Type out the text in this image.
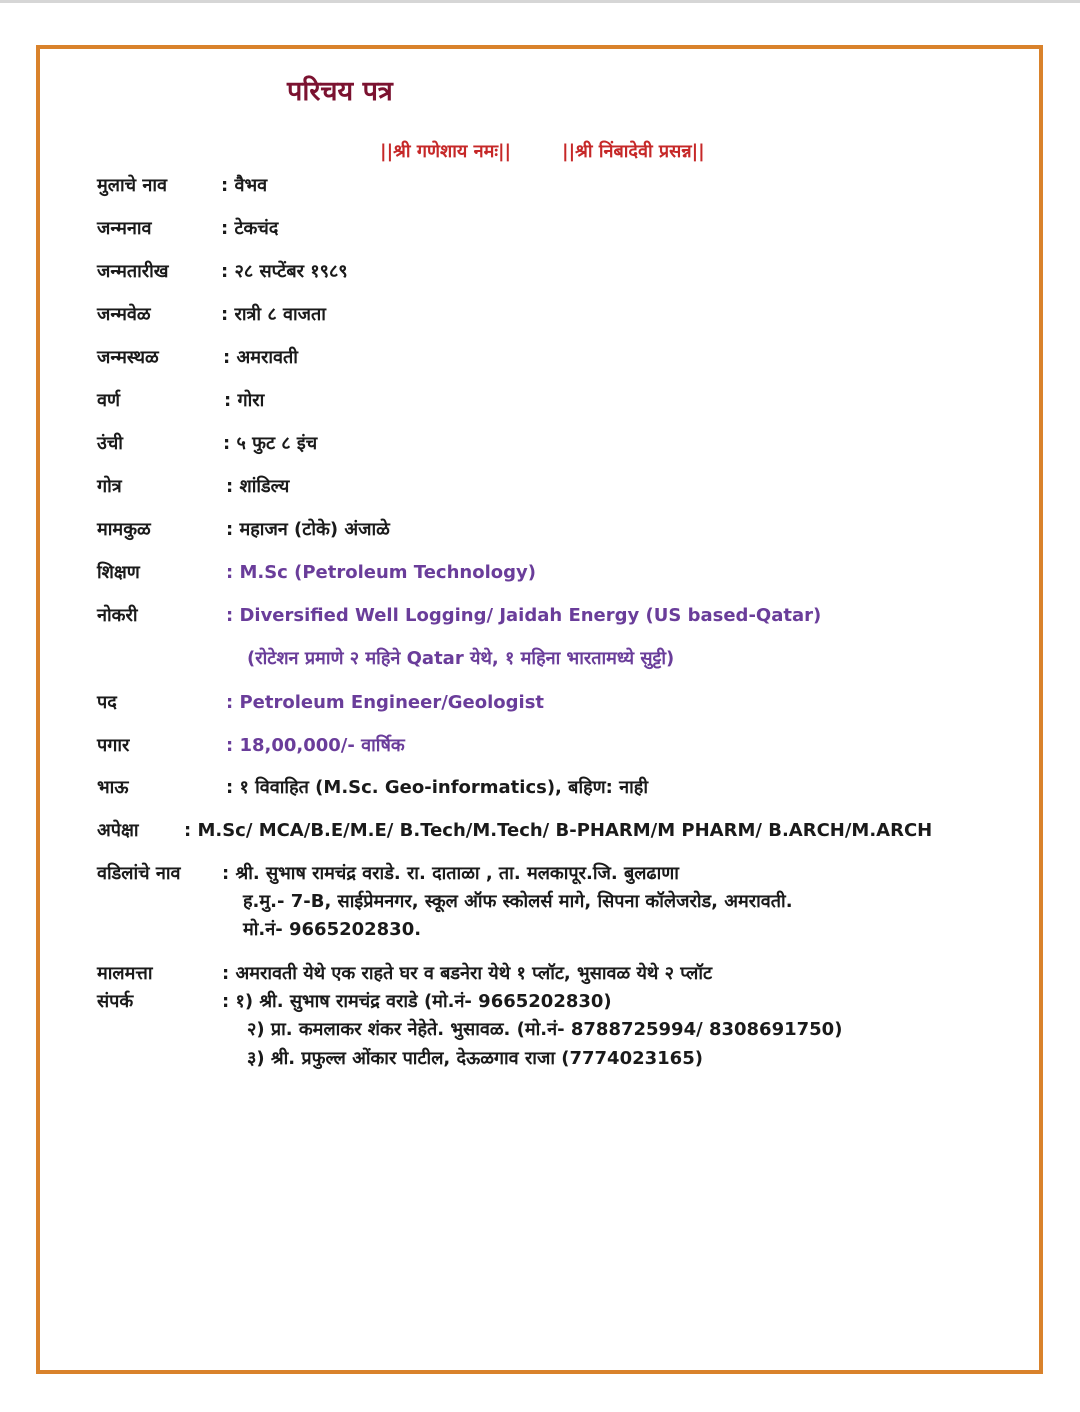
परिचय पत्र
||श्री गणेशाय नमः||	||श्री निंबादेवी प्रसन्न||
मुलाचे नाव	: वैभव
जन्मनाव	: टेकचंद
जन्मतारीख	: २८ सप्टेंबर १९८९
जन्मवेळ	: रात्री ८ वाजता
जन्मस्थळ	: अमरावती
वर्ण	: गोरा
उंची	: ५ फुट ८ इंच
गोत्र	: शांडिल्य
मामकुळ	: महाजन (टोके) अंजाळे
शिक्षण	: M.Sc (Petroleum Technology)
नोकरी	: Diversified Well Logging/ Jaidah Energy (US based-Qatar)
(रोटेशन प्रमाणे २ महिने Qatar येथे, १ महिना भारतामध्ये सुट्टी)
पद	: Petroleum Engineer/Geologist
पगार	: 18,00,000/- वार्षिक
भाऊ	: १ विवाहित (M.Sc. Geo-informatics), बहिण: नाही
अपेक्षा	: M.Sc/ MCA/B.E/M.E/ B.Tech/M.Tech/ B-PHARM/M PHARM/ B.ARCH/M.ARCH
वडिलांचे नाव : श्री. सुभाष रामचंद्र वराडे. रा. दाताळा , ता. मलकापूर.जि. बुलढाणा
ह.मु.- 7-B, साईप्रेमनगर, स्कूल ऑफ स्कोलर्स मागे, सिपना कॉलेजरोड, अमरावती.
मो.नं- 9665202830.
मालमत्ता	: अमरावती येथे एक राहते घर व बडनेरा येथे १ प्लॉट, भुसावळ येथे २ प्लॉट
संपर्क	: १) श्री. सुभाष रामचंद्र वराडे (मो.नं- 9665202830)
२) प्रा. कमलाकर शंकर नेहेते. भुसावळ. (मो.नं- 8788725994/ 8308691750)
३) श्री. प्रफुल्ल ओंकार पाटील, देऊळगाव राजा (7774023165)
